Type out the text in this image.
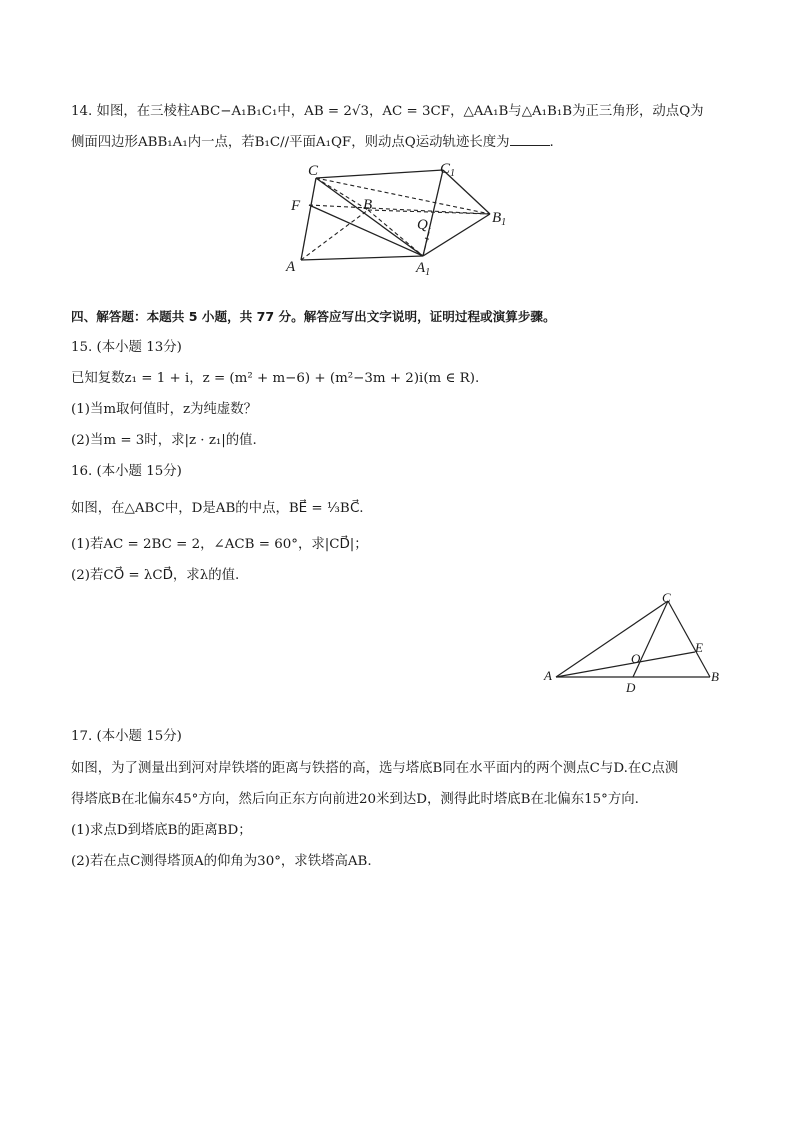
14. 如图，在三棱柱ABC−A₁B₁C₁中，AB = 2√3，AC = 3CF，△AA₁B与△A₁B₁B为正三角形，动点Q为
侧面四边形ABB₁A₁内一点，若B₁C//平面A₁QF，则动点Q运动轨迹长度为	.
C	$C_1$
F	B
Q	$B_1$
A	$A_1$
四、解答题：本题共 5 小题，共 77 分。解答应写出文字说明，证明过程或演算步骤。
15. (本小题 13分)
已知复数z₁ = 1 + i，z = (m² + m−6) + (m²−3m + 2)i(m ∈ R).
(1)当m取何值时，z为纯虚数？
(2)当m = 3时，求|z · z₁|的值.
16. (本小题 15分)
如图，在△ABC中，D是AB的中点，BE⃗ = ⅓BC⃗.
(1)若AC = 2BC = 2，∠ACB = 60°，求|CD⃗|；
(2)若CO⃗ = λCD⃗，求λ的值.
C
E
O
A
D
B
17. (本小题 15分)
如图，为了测量出到河对岸铁塔的距离与铁搭的高，选与塔底B同在水平面内的两个测点C与D.在C点测
得塔底B在北偏东45°方向，然后向正东方向前进20米到达D，测得此时塔底B在北偏东15°方向.
(1)求点D到塔底B的距离BD；
(2)若在点C测得塔顶A的仰角为30°，求铁塔高AB.
